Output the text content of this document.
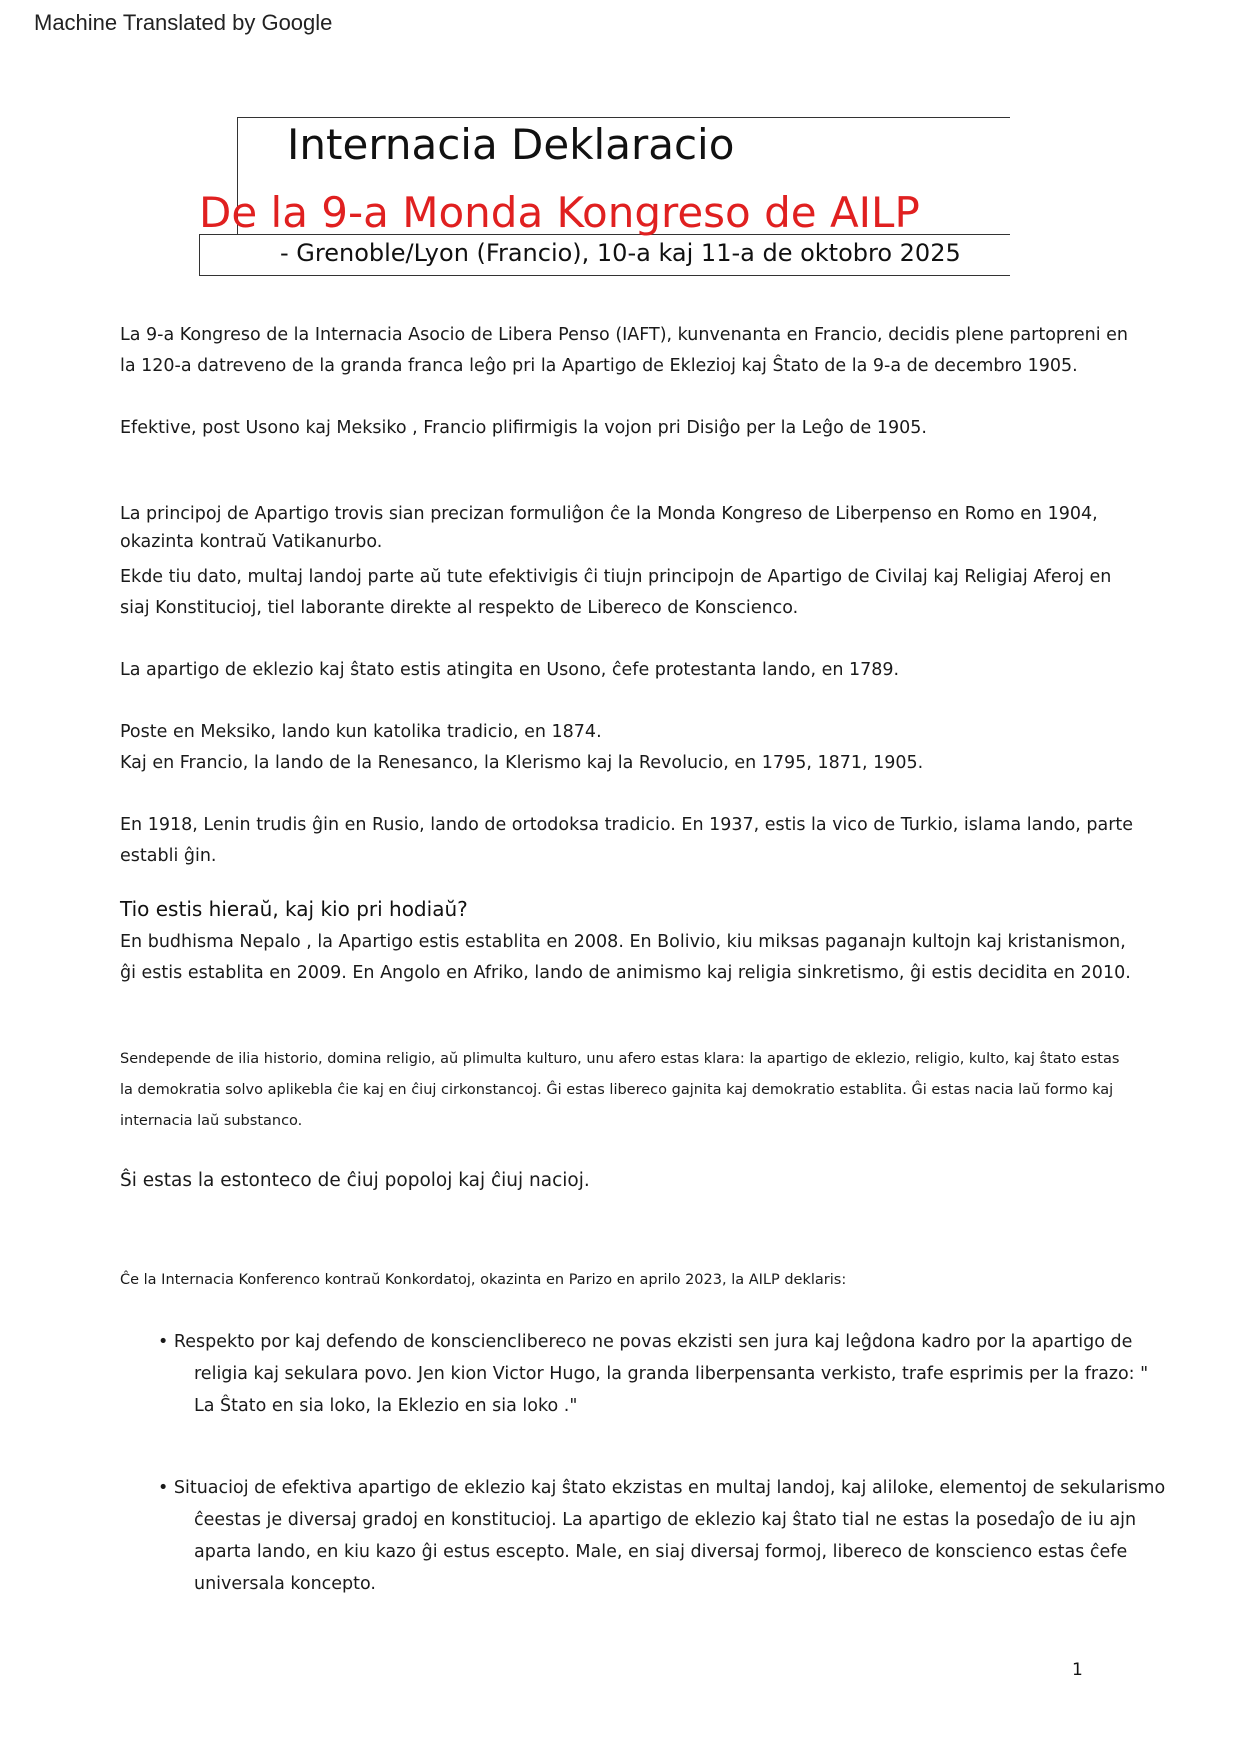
Machine Translated by Google
Internacia Deklaracio
De la 9-a Monda Kongreso de AILP
- Grenoble/Lyon (Francio), 10-a kaj 11-a de oktobro 2025

La 9-a Kongreso de la Internacia Asocio de Libera Penso (IAFT), kunvenanta en Francio, decidis plene partopreni en la 120-a datreveno de la granda franca leĝo pri la Apartigo de Eklezioj kaj Ŝtato de la 9-a de decembro 1905.

Efektive, post Usono kaj Meksiko , Francio plifirmigis la vojon pri Disiĝo per la Leĝo de 1905.

La principoj de Apartigo trovis sian precizan formuliĝon ĉe la Monda Kongreso de Liberpenso en Romo en 1904, okazinta kontraŭ Vatikanurbo.

Ekde tiu dato, multaj landoj parte aŭ tute efektivigis ĉi tiujn principojn de Apartigo de Civilaj kaj Religiaj Aferoj en siaj Konstitucioj, tiel laborante direkte al respekto de Libereco de Konscienco.

La apartigo de eklezio kaj ŝtato estis atingita en Usono, ĉefe protestanta lando, en 1789.

Poste en Meksiko, lando kun katolika tradicio, en 1874.

Kaj en Francio, la lando de la Renesanco, la Klerismo kaj la Revolucio, en 1795, 1871, 1905.

En 1918, Lenin trudis ĝin en Rusio, lando de ortodoksa tradicio. En 1937, estis la vico de Turkio, islama lando, parte establi ĝin.

Tio estis hieraŭ, kaj kio pri hodiaŭ?

En budhisma Nepalo , la Apartigo estis establita en 2008. En Bolivio, kiu miksas paganajn kultojn kaj kristanismon, ĝi estis establita en 2009. En Angolo en Afriko, lando de animismo kaj religia sinkretismo, ĝi estis decidita en 2010.

Sendepende de ilia historio, domina religio, aŭ plimulta kulturo, unu afero estas klara: la apartigo de eklezio, religio, kulto, kaj ŝtato estas la demokratia solvo aplikebla ĉie kaj en ĉiuj cirkonstancoj. Ĝi estas libereco gajnita kaj demokratio establita. Ĝi estas nacia laŭ formo kaj internacia laŭ substanco.

Ŝi estas la estonteco de ĉiuj popoloj kaj ĉiuj nacioj.

Ĉe la Internacia Konferenco kontraŭ Konkordatoj, okazinta en Parizo en aprilo 2023, la AILP deklaris:

• Respekto por kaj defendo de konscienclibereco ne povas ekzisti sen jura kaj leĝdona kadro por la apartigo de religia kaj sekulara povo. Jen kion Victor Hugo, la granda liberpensanta verkisto, trafe esprimis per la frazo: " La Ŝtato en sia loko, la Eklezio en sia loko ."

• Situacioj de efektiva apartigo de eklezio kaj ŝtato ekzistas en multaj landoj, kaj aliloke, elementoj de sekularismo ĉeestas je diversaj gradoj en konstitucioj. La apartigo de eklezio kaj ŝtato tial ne estas la posedaĵo de iu ajn aparta lando, en kiu kazo ĝi estus escepto. Male, en siaj diversaj formoj, libereco de konscienco estas ĉefe universala koncepto.

1
